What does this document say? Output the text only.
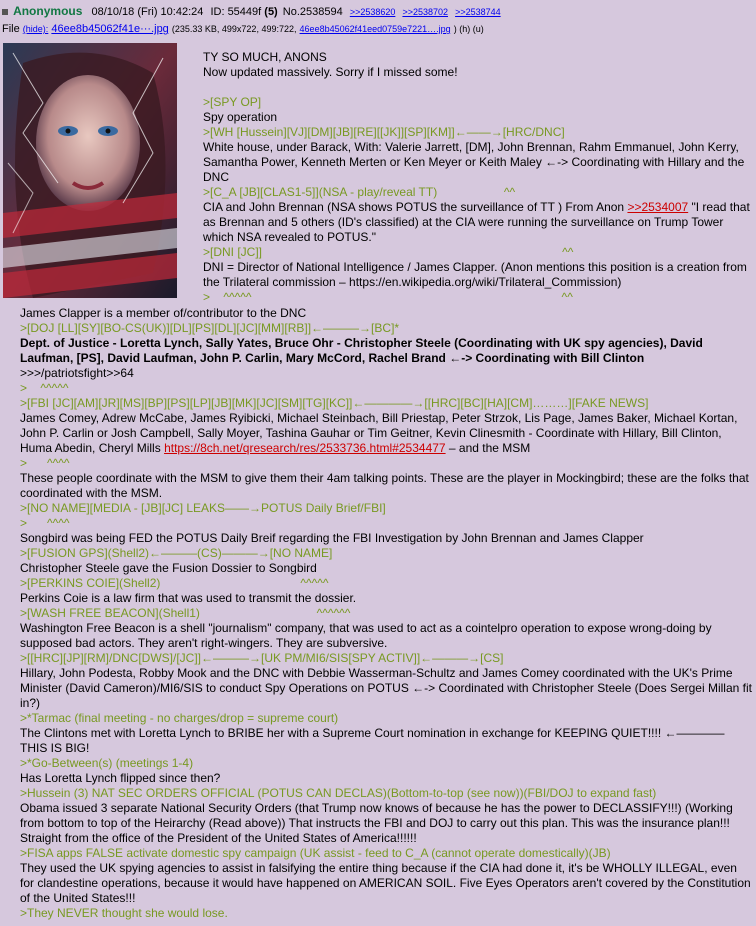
Anonymous 08/10/18 (Fri) 10:42:24 ID: 55449f (5) No.2538594 >>2538620 >>2538702 >>2538744
File (hide): 46ee8b45062f41e···.jpg (235.33 KB, 499x722, 499:722, 46ee8b45062f41eed0759e7221….jpg ) (h) (u)

TY SO MUCH, ANONS

Now updated massively. Sorry if I missed some!

>[SPY OP]

Spy operation

>[WH [Hussein][VJ][DM][JB][RE][[JK]][SP][KM]]←——→[HRC/DNC]

White house, under Barack, With: Valerie Jarrett, [DM], John Brennan, Rahm Emmanuel, John Kerry, Samantha Power, Kenneth Merten or Ken Meyer or Keith Maley ←-> Coordinating with Hillary and the DNC

>[C_A [JB][CLAS1-5]](NSA - play/reveal TT)                    ^^

CIA and John Brennan (NSA shows POTUS the surveillance of TT ) From Anon >>2534007 "I read that as Brennan and 5 others (ID's classified) at the CIA were running the surveillance on Trump Tower which NSA revealed to POTUS."

>[DNI [JC]]                                                                                          ^^

DNI = Director of National Intelligence / James Clapper. (Anon mentions this position is a creation from the Trilateral commission – https://en.wikipedia.org/wiki/Trilateral_Commission)

>    ^^^^^                                                                                             ^^

James Clapper is a member of/contributor to the DNC

>[DOJ [LL][SY][BO-CS(UK)][DL][PS][DL][JC][MM][RB]]←———→[BC]*

Dept. of Justice - Loretta Lynch, Sally Yates, Bruce Ohr - Christopher Steele (Coordinating with UK spy agencies), David Laufman, [PS], David Laufman, John P. Carlin, Mary McCord, Rachel Brand ←-> Coordinating with Bill Clinton >>>/patriotsfight>>64

>    ^^^^^

>[FBI [JC][AM][JR][MS][BP][PS][LP][JB][MK][JC][SM][TG][KC]]←————→[[HRC][BC][HA][CM]………][FAKE NEWS]

James Comey, Adrew McCabe, James Ryibicki, Michael Steinbach, Bill Priestap, Peter Strzok, Lis Page, James Baker, Michael Kortan, John P. Carlin or Josh Campbell, Sally Moyer, Tashina Gauhar or Tim Geitner, Kevin Clinesmith - Coordinate with Hillary, Bill Clinton, Huma Abedin, Cheryl Mills https://8ch.net/qresearch/res/2533736.html#2534477 – and the MSM

>      ^^^^

These people coordinate with the MSM to give them their 4am talking points. These are the player in Mockingbird; these are the folks that coordinated with the MSM.

>[NO NAME][MEDIA - [JB][JC] LEAKS——→POTUS Daily Brief/FBI]

>      ^^^^

Songbird was being FED the POTUS Daily Breif regarding the FBI Investigation by John Brennan and James Clapper

>[FUSION GPS](Shell2)←———(CS)———→[NO NAME]

Christopher Steele gave the Fusion Dossier to Songbird

>[PERKINS COIE](Shell2)                                          ^^^^^

Perkins Coie is a law firm that was used to transmit the dossier.

>[WASH FREE BEACON](Shell1)                                   ^^^^^^

Washington Free Beacon is a shell "journalism" company, that was used to act as a cointelpro operation to expose wrong-doing by supposed bad actors. They aren't right-wingers. They are subversive.

>[[HRC][JP][RM]/DNC[DWS]/[JC]]←———→[UK PM/MI6/SIS[SPY ACTIV]]←———→[CS]

Hillary, John Podesta, Robby Mook and the DNC with Debbie Wasserman-Schultz and James Comey coordinated with the UK's Prime Minister (David Cameron)/MI6/SIS to conduct Spy Operations on POTUS ←-> Coordinated with Christopher Steele (Does Sergei Millan fit in?)

>*Tarmac (final meeting - no charges/drop = supreme court)

The Clintons met with Loretta Lynch to BRIBE her with a Supreme Court nomination in exchange for KEEPING QUIET!!!! ←———— THIS IS BIG!

>*Go-Between(s) (meetings 1-4)

Has Loretta Lynch flipped since then?

>Hussein (3) NAT SEC ORDERS OFFICIAL (POTUS CAN DECLAS)(Bottom-to-top (see now))(FBI/DOJ to expand fast)

Obama issued 3 separate National Security Orders (that Trump now knows of because he has the power to DECLASSIFY!!!) (Working from bottom to top of the Heirarchy (Read above)) That instructs the FBI and DOJ to carry out this plan. This was the insurance plan!!! Straight from the office of the President of the United States of America!!!!!!

>FISA apps FALSE activate domestic spy campaign (UK assist - feed to C_A (cannot operate domestically)(JB)

They used the UK spying agencies to assist in falsifying the entire thing because if the CIA had done it, it's be WHOLLY ILLEGAL, even for clandestine operations, because it would have happened on AMERICAN SOIL. Five Eyes Operators aren't covered by the Constitution of the United States!!!

>They NEVER thought she would lose.
